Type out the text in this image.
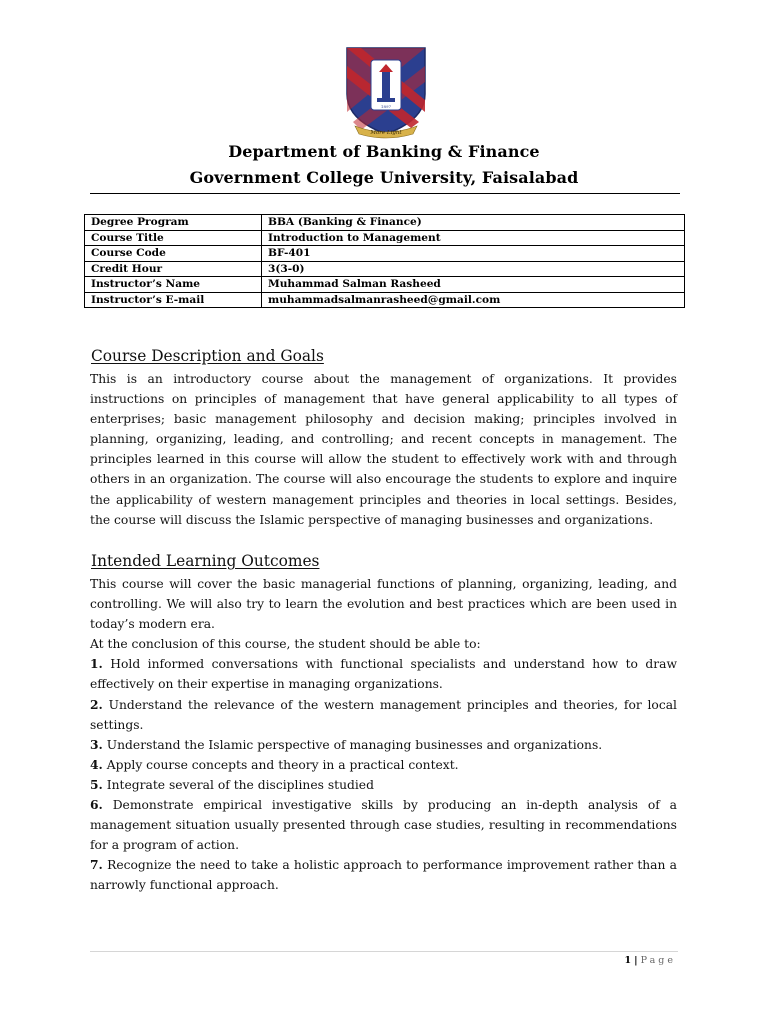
1897
More Light
Department of Banking & Finance
Government College University, Faisalabad
Degree Program	BBA (Banking & Finance)
Course Title	Introduction to Management
Course Code	BF-401
Credit Hour	3(3-0)
Instructor’s Name	Muhammad Salman Rasheed
Instructor’s E-mail	muhammadsalmanrasheed@gmail.com
Course Description and Goals
This is an introductory course about the management of organizations. It provides instructions on principles of management that have general applicability to all types of enterprises; basic management philosophy and decision making; principles involved in planning, organizing, leading, and controlling; and recent concepts in management. The principles learned in this course will allow the student to effectively work with and through others in an organization. The course will also encourage the students to explore and inquire the applicability of western management principles and theories in local settings. Besides, the course will discuss the Islamic perspective of managing businesses and organizations.
Intended Learning Outcomes
This course will cover the basic managerial functions of planning, organizing, leading, and controlling. We will also try to learn the evolution and best practices which are been used in today’s modern era.
At the conclusion of this course, the student should be able to:
1. Hold informed conversations with functional specialists and understand how to draw effectively on their expertise in managing organizations.
2. Understand the relevance of the western management principles and theories, for local settings.
3. Understand the Islamic perspective of managing businesses and organizations.
4. Apply course concepts and theory in a practical context.
5. Integrate several of the disciplines studied
6. Demonstrate empirical investigative skills by producing an in-depth analysis of a management situation usually presented through case studies, resulting in recommendations for a program of action.
7. Recognize the need to take a holistic approach to performance improvement rather than a narrowly functional approach.
1 | Page
